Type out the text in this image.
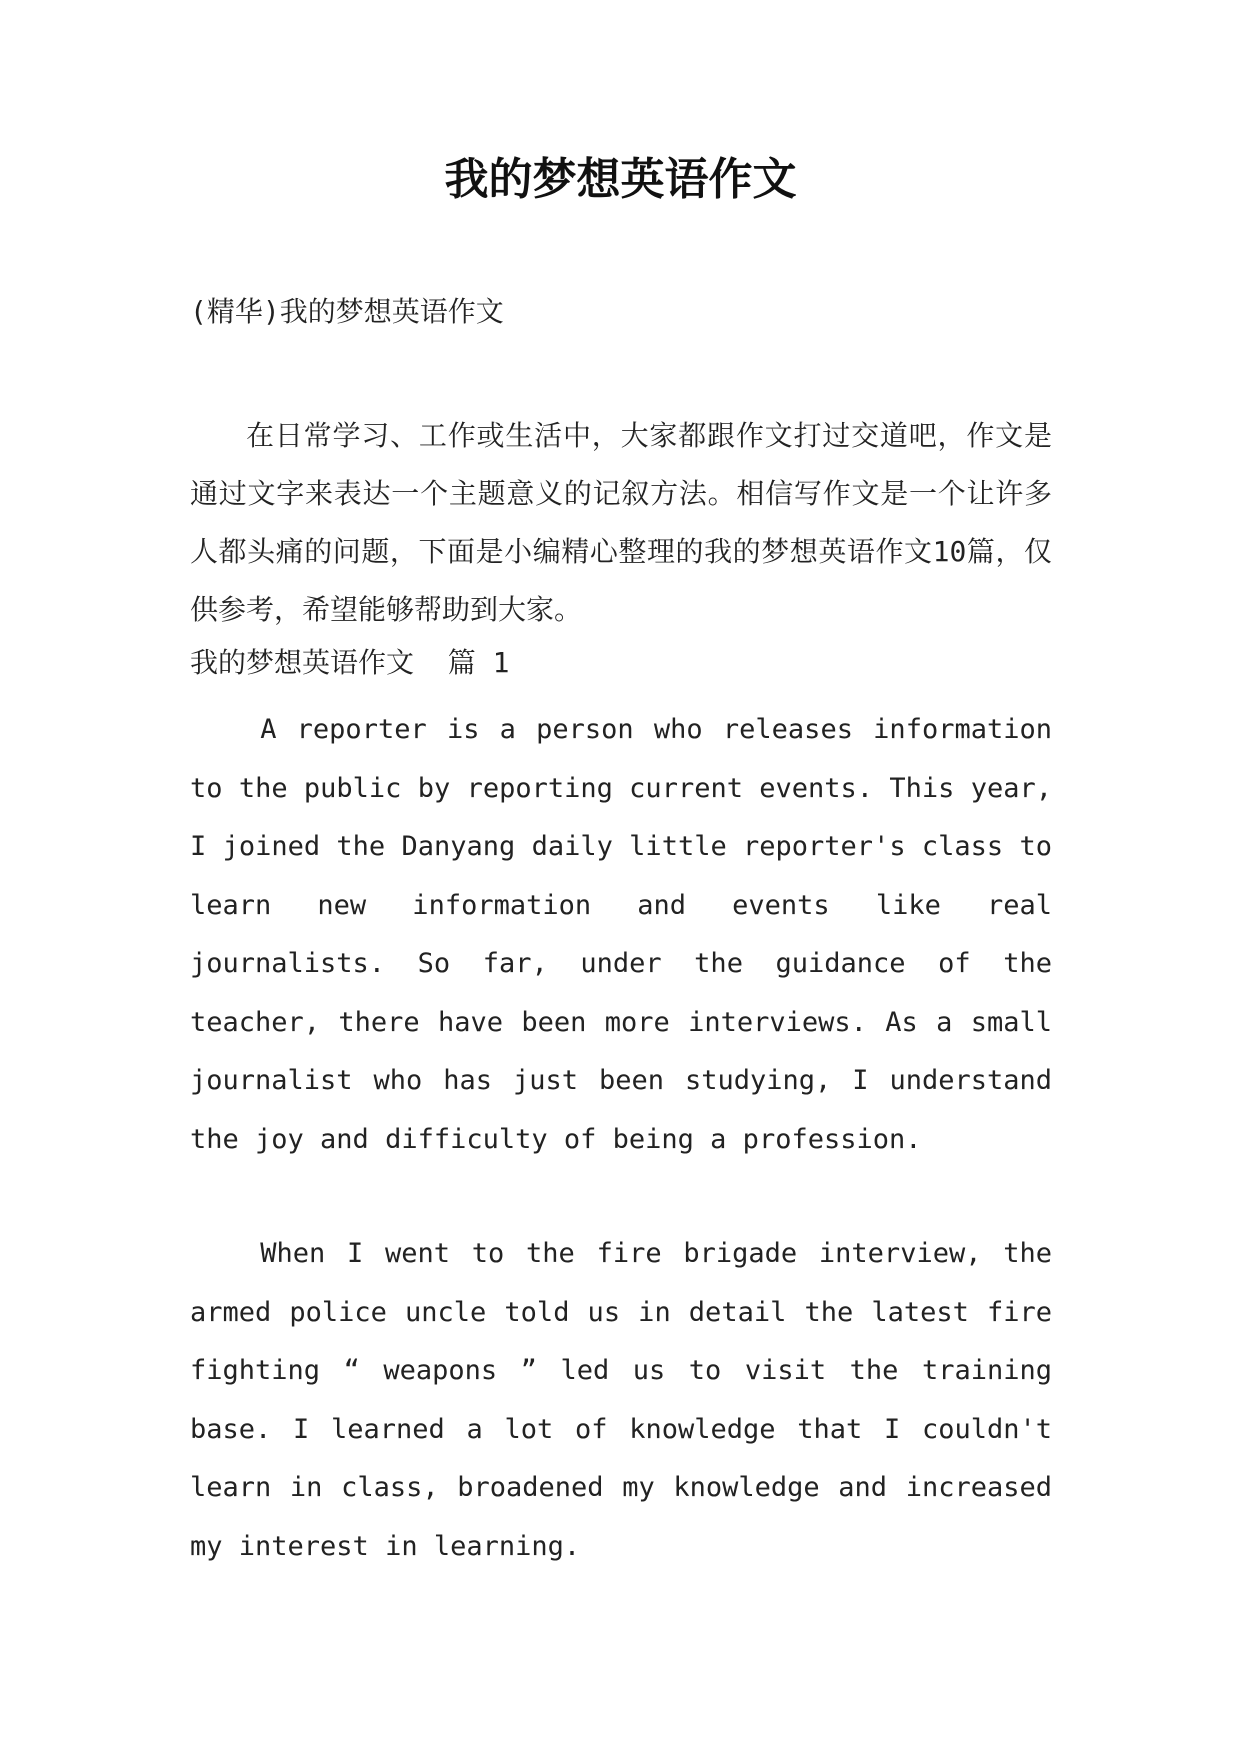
我的梦想英语作文
(精华)我的梦想英语作文

在日常学习、工作或生活中，大家都跟作文打过交道吧，作文是通过文字来表达一个主题意义的记叙方法。相信写作文是一个让许多人都头痛的问题，下面是小编精心整理的我的梦想英语作文10篇，仅供参考，希望能够帮助到大家。

我的梦想英语作文  篇 1

A reporter is a person who releases information to the public by reporting current events. This year, I joined the Danyang daily little reporter's class to learn new information and events like real journalists. So far, under the guidance of the teacher, there have been more interviews. As a small journalist who has just been studying, I understand the joy and difficulty of being a profession.

When I went to the fire brigade interview, the armed police uncle told us in detail the latest fire fighting “ weapons ” led us to visit the training base. I learned a lot of knowledge that I couldn't learn in class, broadened my knowledge and increased my interest in learning.
